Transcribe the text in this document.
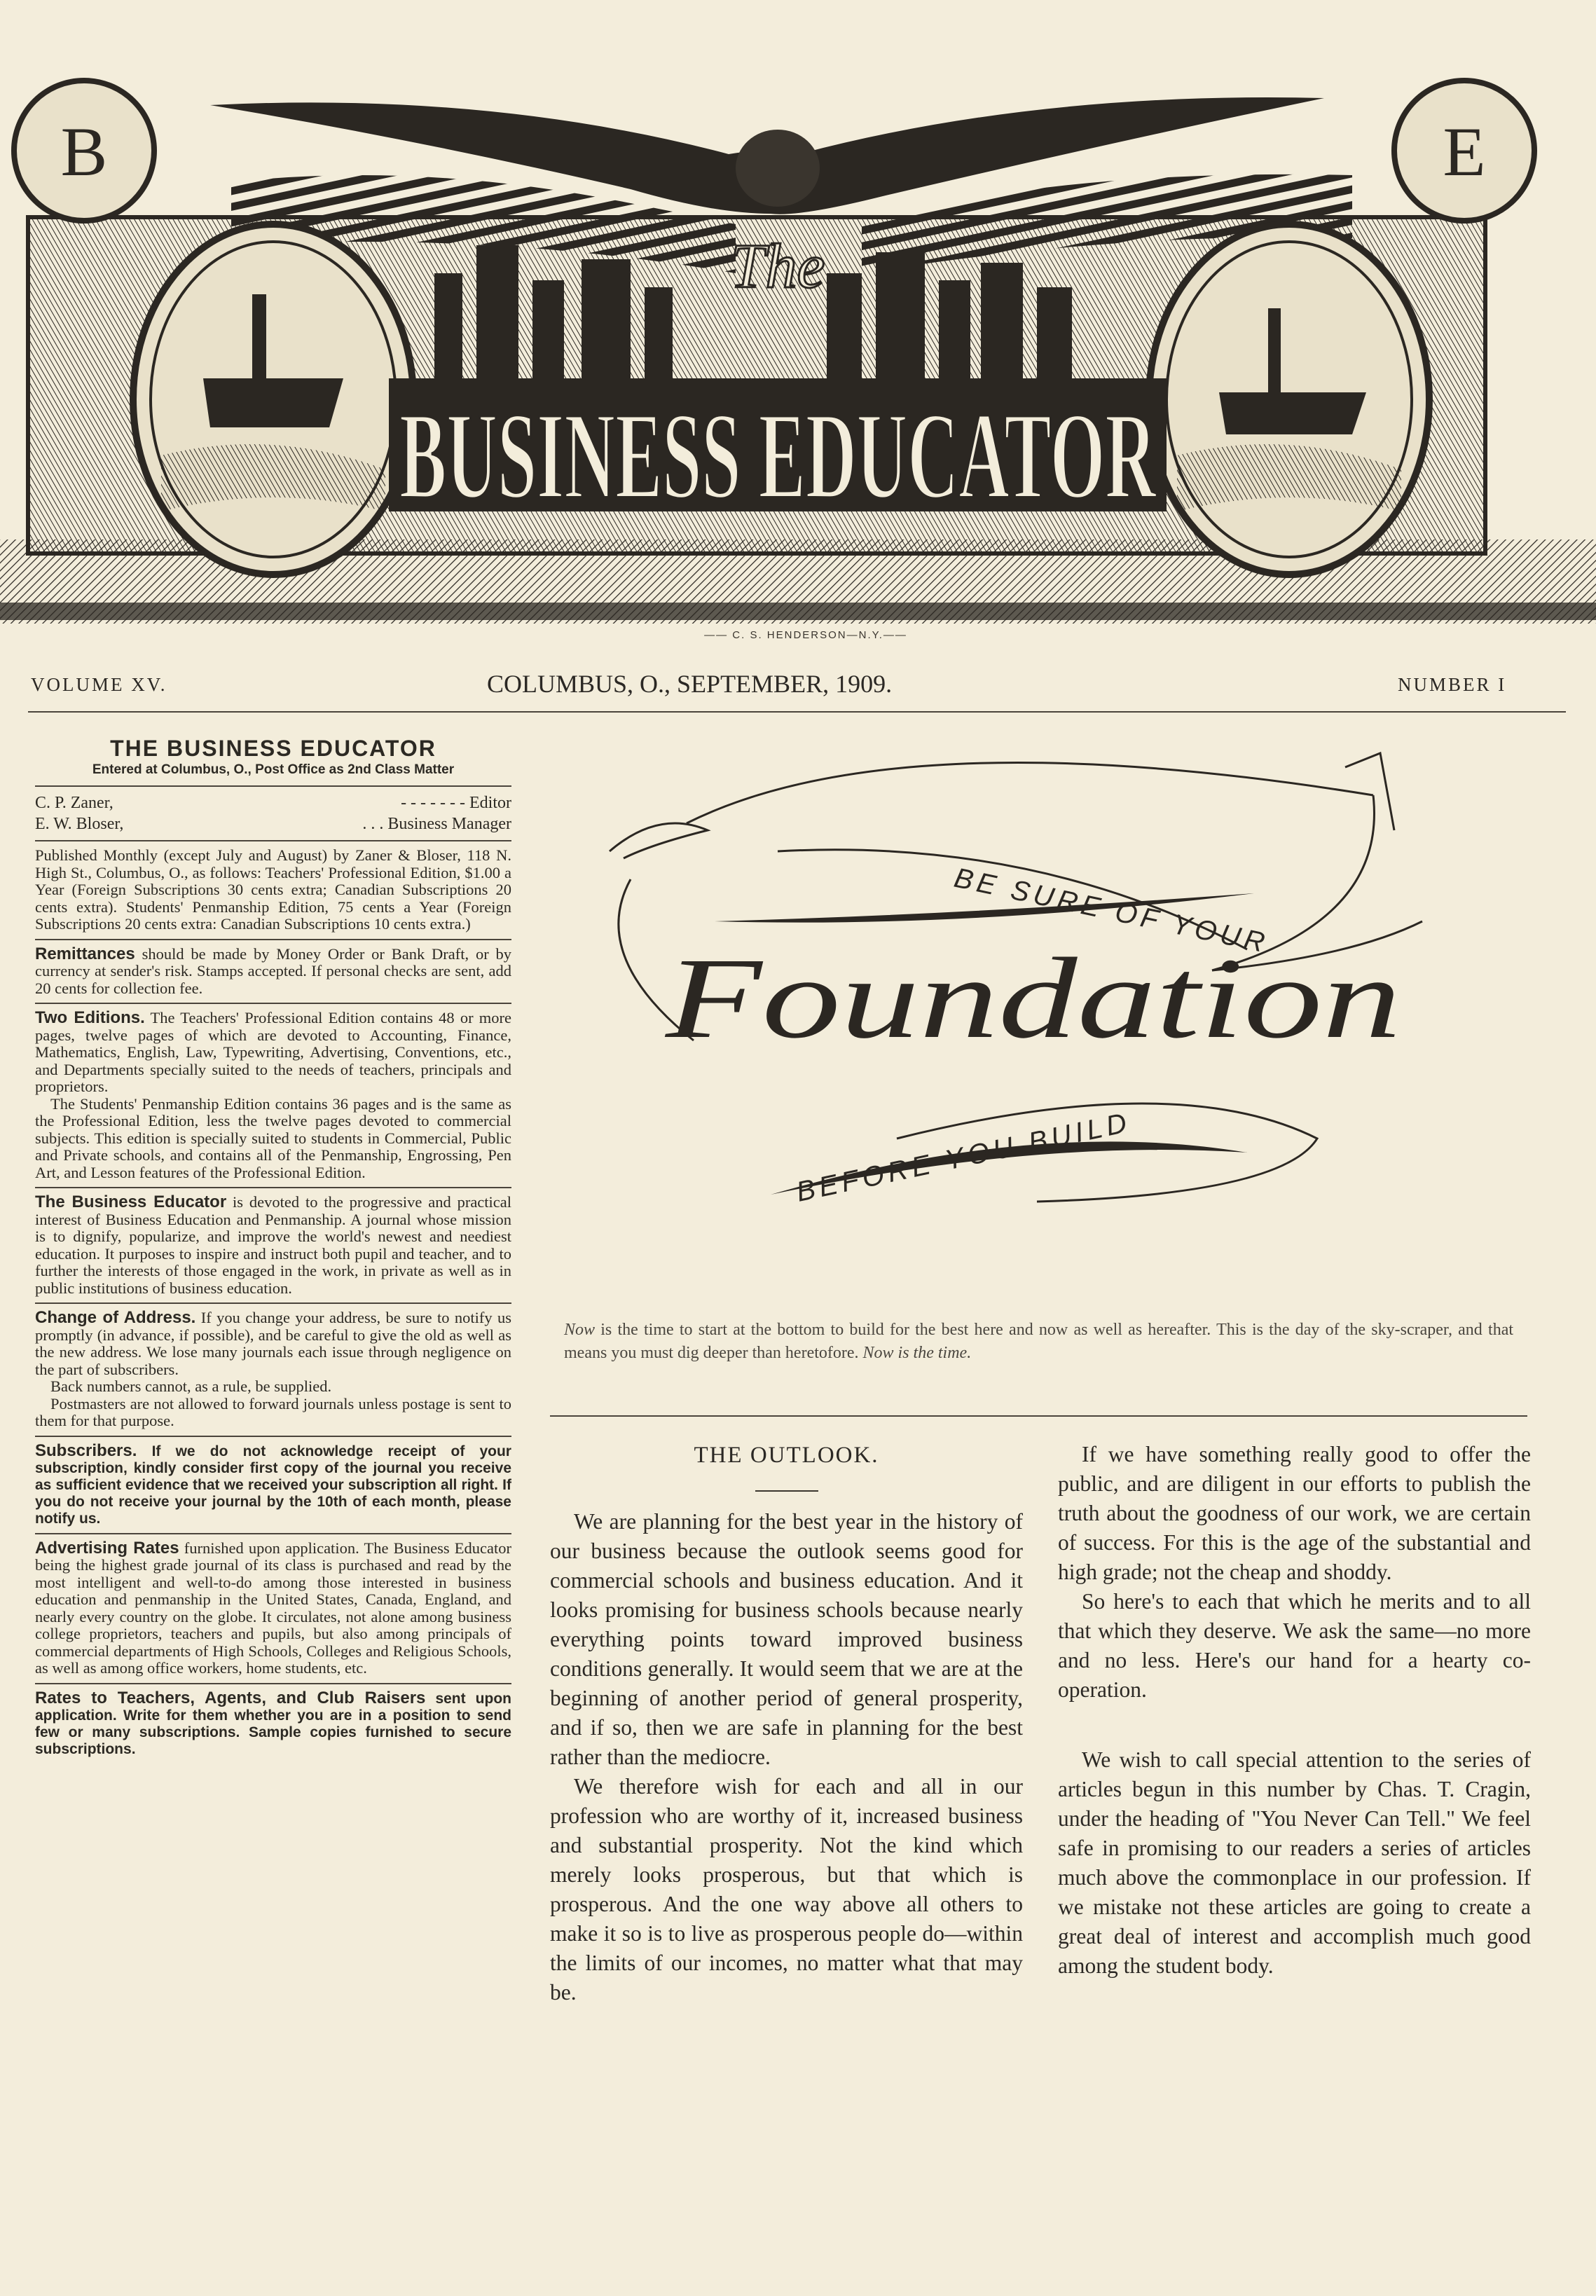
B	E
The
BUSINESS EDUCATOR
—— C. S. HENDERSON—N.Y.——
VOLUME XV.	COLUMBUS, O., SEPTEMBER, 1909.	NUMBER I
THE BUSINESS EDUCATOR
Entered at Columbus, O., Post Office as 2nd Class Matter
C. P. Zaner,	- - - - - - - Editor
E. W. Bloser,	. . . Business Manager

Published Monthly (except July and August) by Zaner & Bloser, 118 N. High St., Columbus, O., as follows: Teachers' Professional Edition, $1.00 a Year (Foreign Subscriptions 30 cents extra; Canadian Subscriptions 20 cents extra). Students' Penmanship Edition, 75 cents a Year (Foreign Subscriptions 20 cents extra: Canadian Subscriptions 10 cents extra.)

Remittances should be made by Money Order or Bank Draft, or by currency at sender's risk. Stamps accepted. If personal checks are sent, add 20 cents for collection fee.

Two Editions. The Teachers' Professional Edition contains 48 or more pages, twelve pages of which are devoted to Accounting, Finance, Mathematics, English, Law, Typewriting, Advertising, Conventions, etc., and Departments specially suited to the needs of teachers, principals and proprietors.

The Students' Penmanship Edition contains 36 pages and is the same as the Professional Edition, less the twelve pages devoted to commercial subjects. This edition is specially suited to students in Commercial, Public and Private schools, and contains all of the Penmanship, Engrossing, Pen Art, and Lesson features of the Professional Edition.

The Business Educator is devoted to the progressive and practical interest of Business Education and Penmanship. A journal whose mission is to dignify, popularize, and improve the world's newest and neediest education. It purposes to inspire and instruct both pupil and teacher, and to further the interests of those engaged in the work, in private as well as in public institutions of business education.

Change of Address. If you change your address, be sure to notify us promptly (in advance, if possible), and be careful to give the old as well as the new address. We lose many journals each issue through negligence on the part of subscribers.

Back numbers cannot, as a rule, be supplied.

Postmasters are not allowed to forward journals unless postage is sent to them for that purpose.

Subscribers. If we do not acknowledge receipt of your subscription, kindly consider first copy of the journal you receive as sufficient evidence that we received your subscription all right. If you do not receive your journal by the 10th of each month, please notify us.

Advertising Rates furnished upon application. The Business Educator being the highest grade journal of its class is purchased and read by the most intelligent and well-to-do among those interested in business education and penmanship in the United States, Canada, England, and nearly every country on the globe. It circulates, not alone among business college proprietors, teachers and pupils, but also among principals of commercial departments of High Schools, Colleges and Religious Schools, as well as among office workers, home students, etc.

Rates to Teachers, Agents, and Club Raisers sent upon application. Write for them whether you are in a position to send few or many subscriptions. Sample copies furnished to secure subscriptions.

BE SURE OF YOUR
Foundation
BEFORE YOU BUILD
Now is the time to start at the bottom to build for the best here and now as well as hereafter. This is the day of the sky-scraper, and that means you must dig deeper than heretofore. Now is the time.
THE OUTLOOK.

We are planning for the best year in the history of our business because the outlook seems good for commercial schools and business education. And it looks promising for business schools because nearly everything points toward improved business conditions generally. It would seem that we are at the beginning of another period of general prosperity, and if so, then we are safe in planning for the best rather than the mediocre.

We therefore wish for each and all in our profession who are worthy of it, increased business and substantial prosperity. Not the kind which merely looks prosperous, but that which is prosperous. And the one way above all others to make it so is to live as prosperous people do—within the limits of our incomes, no matter what that may be.

If we have something really good to offer the public, and are diligent in our efforts to publish the truth about the goodness of our work, we are certain of success. For this is the age of the substantial and high grade; not the cheap and shoddy.

So here's to each that which he merits and to all that which they deserve. We ask the same—no more and no less. Here's our hand for a hearty co-operation.

We wish to call special attention to the series of articles begun in this number by Chas. T. Cragin, under the heading of "You Never Can Tell." We feel safe in promising to our readers a series of articles much above the commonplace in our profession. If we mistake not these articles are going to create a great deal of interest and accomplish much good among the student body.
